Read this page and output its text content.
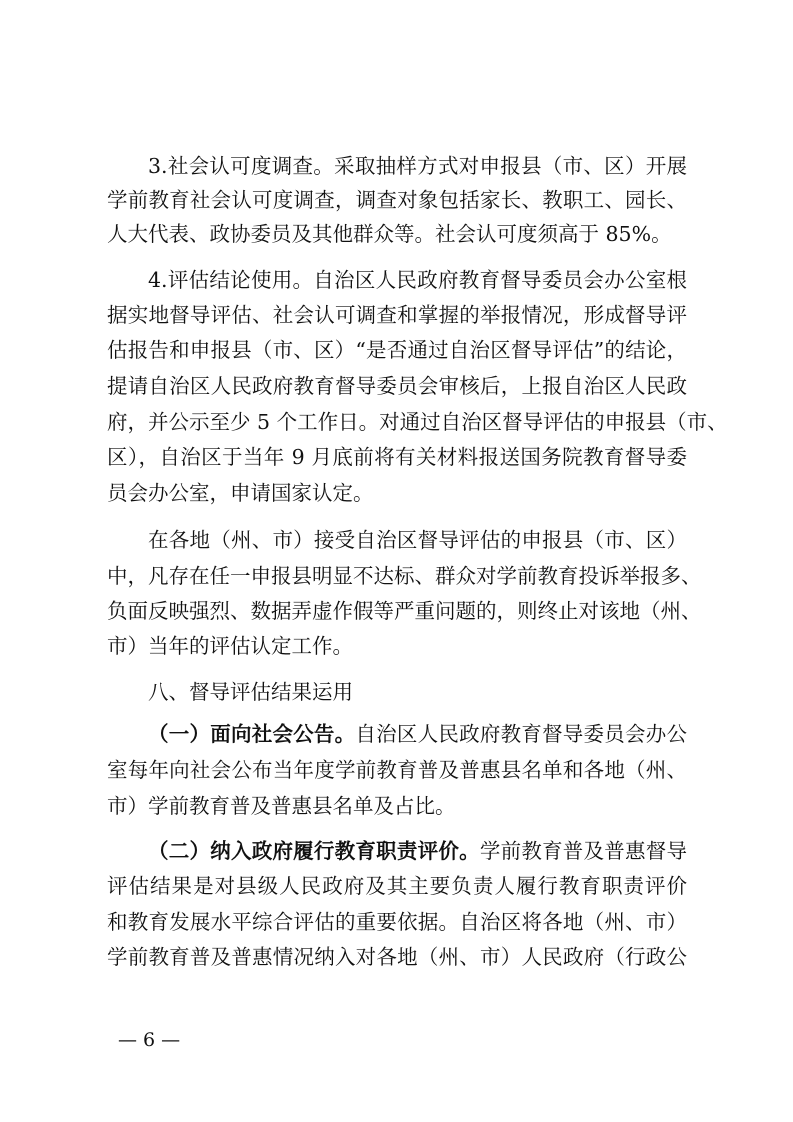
3.社会认可度调查。采取抽样方式对申报县（市、区）开展
学前教育社会认可度调查，调查对象包括家长、教职工、园长、
人大代表、政协委员及其他群众等。社会认可度须高于 85%。
4.评估结论使用。自治区人民政府教育督导委员会办公室根
据实地督导评估、社会认可调查和掌握的举报情况，形成督导评
估报告和申报县（市、区）“是否通过自治区督导评估”的结论，
提请自治区人民政府教育督导委员会审核后，上报自治区人民政
府，并公示至少 5 个工作日。对通过自治区督导评估的申报县（市、
区），自治区于当年 9 月底前将有关材料报送国务院教育督导委
员会办公室，申请国家认定。
在各地（州、市）接受自治区督导评估的申报县（市、区）
中，凡存在任一申报县明显不达标、群众对学前教育投诉举报多、
负面反映强烈、数据弄虚作假等严重问题的，则终止对该地（州、
市）当年的评估认定工作。
八、督导评估结果运用
（一）面向社会公告。自治区人民政府教育督导委员会办公
室每年向社会公布当年度学前教育普及普惠县名单和各地（州、
市）学前教育普及普惠县名单及占比。
（二）纳入政府履行教育职责评价。学前教育普及普惠督导
评估结果是对县级人民政府及其主要负责人履行教育职责评价
和教育发展水平综合评估的重要依据。自治区将各地（州、市）
学前教育普及普惠情况纳入对各地（州、市）人民政府（行政公
— 6 —
